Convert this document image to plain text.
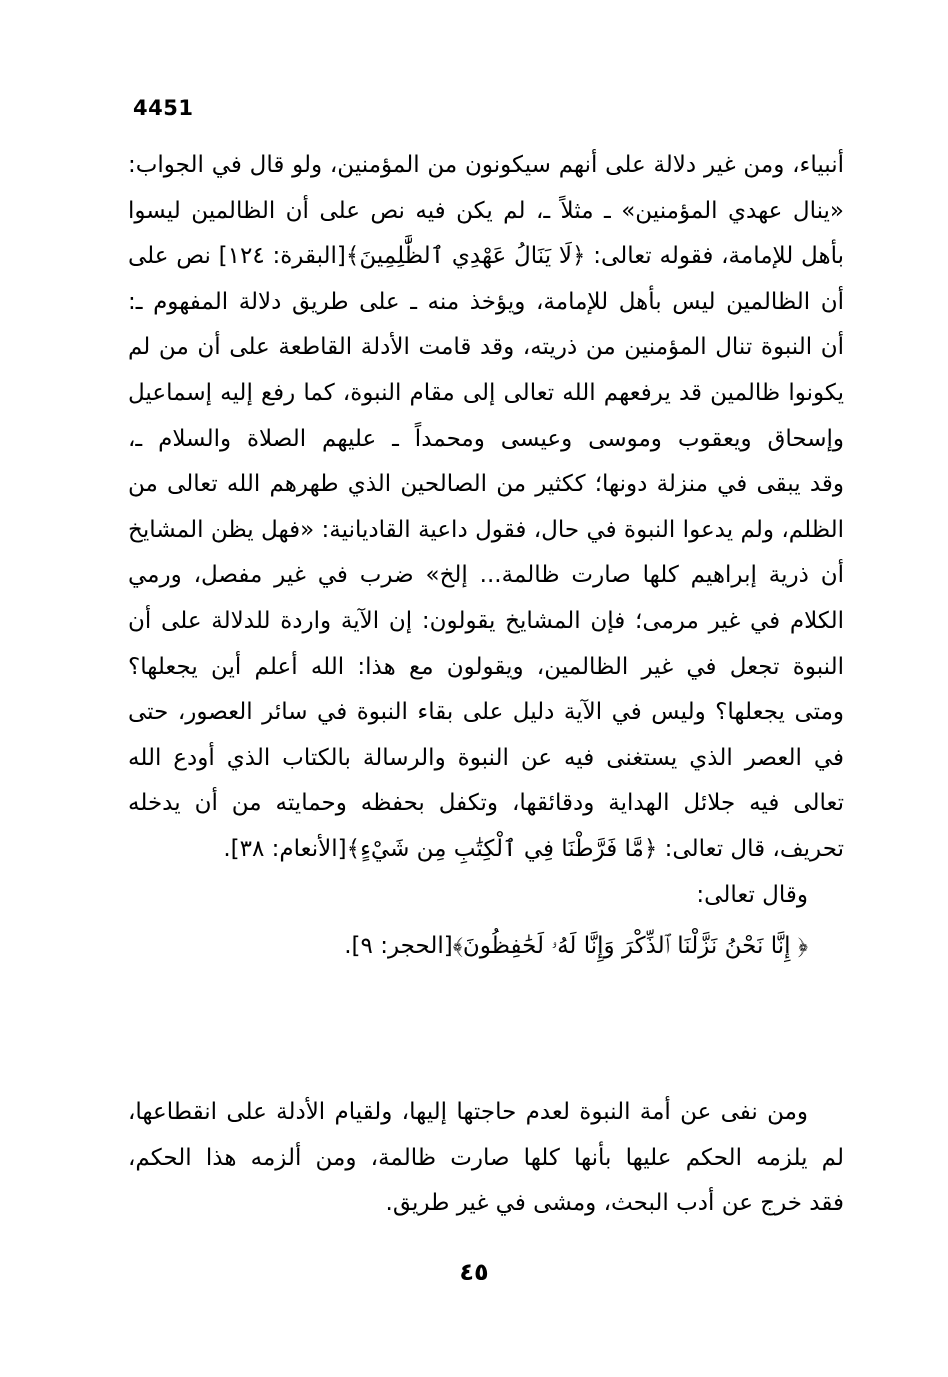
4451
أنبياء، ومن غير دلالة على أنهم سيكونون من المؤمنين، ولو قال في الجواب:
«ينال عهدي المؤمنين» ـ مثلاً ـ، لم يكن فيه نص على أن الظالمين ليسوا
بأهل للإمامة، فقوله تعالى: ﴿لَا يَنَالُ عَهْدِي ٱلظَّٰلِمِينَ﴾[البقرة: ١٢٤] نص على
أن الظالمين ليس بأهل للإمامة، ويؤخذ منه ـ على طريق دلالة المفهوم ـ:
أن النبوة تنال المؤمنين من ذريته، وقد قامت الأدلة القاطعة على أن من لم
يكونوا ظالمين قد يرفعهم الله تعالى إلى مقام النبوة، كما رفع إليه إسماعيل
وإسحاق ويعقوب وموسى وعيسى ومحمداً ـ عليهم الصلاة والسلام ـ،
وقد يبقى في منزلة دونها؛ ككثير من الصالحين الذي طهرهم الله تعالى من
الظلم، ولم يدعوا النبوة في حال، فقول داعية القاديانية: «فهل يظن المشايخ
أن ذرية إبراهيم كلها صارت ظالمة... إلخ» ضرب في غير مفصل، ورمي
الكلام في غير مرمى؛ فإن المشايخ يقولون: إن الآية واردة للدلالة على أن
النبوة تجعل في غير الظالمين، ويقولون مع هذا: الله أعلم أين يجعلها؟
ومتى يجعلها؟ وليس في الآية دليل على بقاء النبوة في سائر العصور، حتى
في العصر الذي يستغنى فيه عن النبوة والرسالة بالكتاب الذي أودع الله
تعالى فيه جلائل الهداية ودقائقها، وتكفل بحفظه وحمايته من أن يدخله
تحريف، قال تعالى: ﴿مَّا فَرَّطْنَا فِي ٱلْكِتَٰبِ مِن شَيْءٍ﴾[الأنعام: ٣٨].
وقال تعالى:
﴿ إِنَّا نَحْنُ نَزَّلْنَا ٱلذِّكْرَ وَإِنَّا لَهُۥ لَحَٰفِظُونَ﴾[الحجر: ٩].
ومن نفى عن أمة النبوة لعدم حاجتها إليها، ولقيام الأدلة على انقطاعها،
لم يلزمه الحكم عليها بأنها كلها صارت ظالمة، ومن ألزمه هذا الحكم،
فقد خرج عن أدب البحث، ومشى في غير طريق.
٤٥
